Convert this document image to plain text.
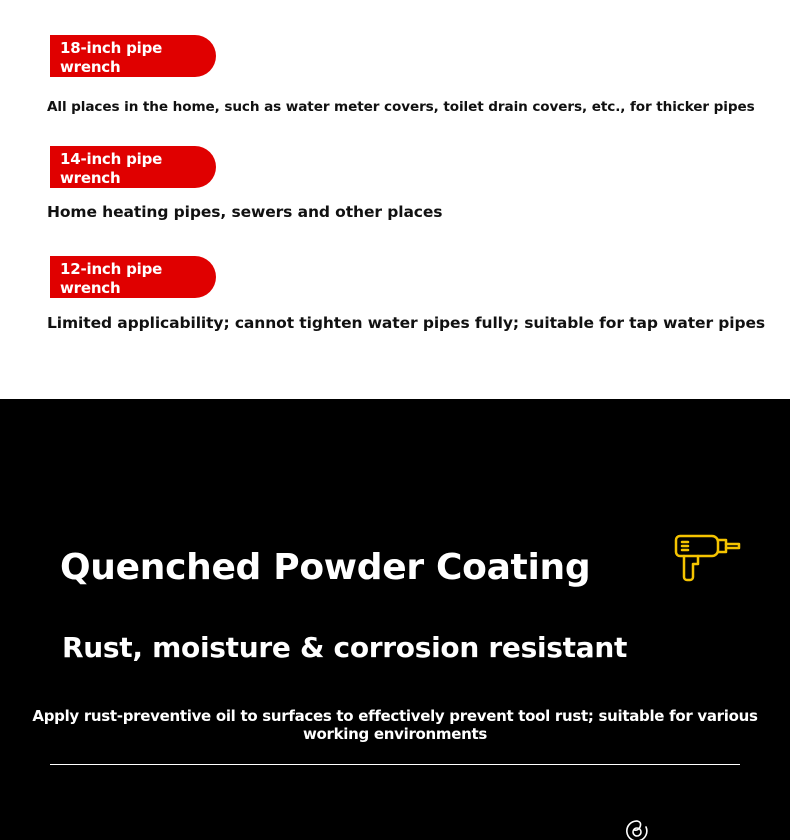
18-inch pipe wrench
All places in the home, such as water meter covers, toilet drain covers, etc., for thicker pipes
14-inch pipe wrench
Home heating pipes, sewers and other places
12-inch pipe wrench
Limited applicability; cannot tighten water pipes fully; suitable for tap water pipes
Quenched Powder Coating
Rust, moisture & corrosion resistant
Apply rust-preventive oil to surfaces to effectively prevent tool rust; suitable for various working environments
